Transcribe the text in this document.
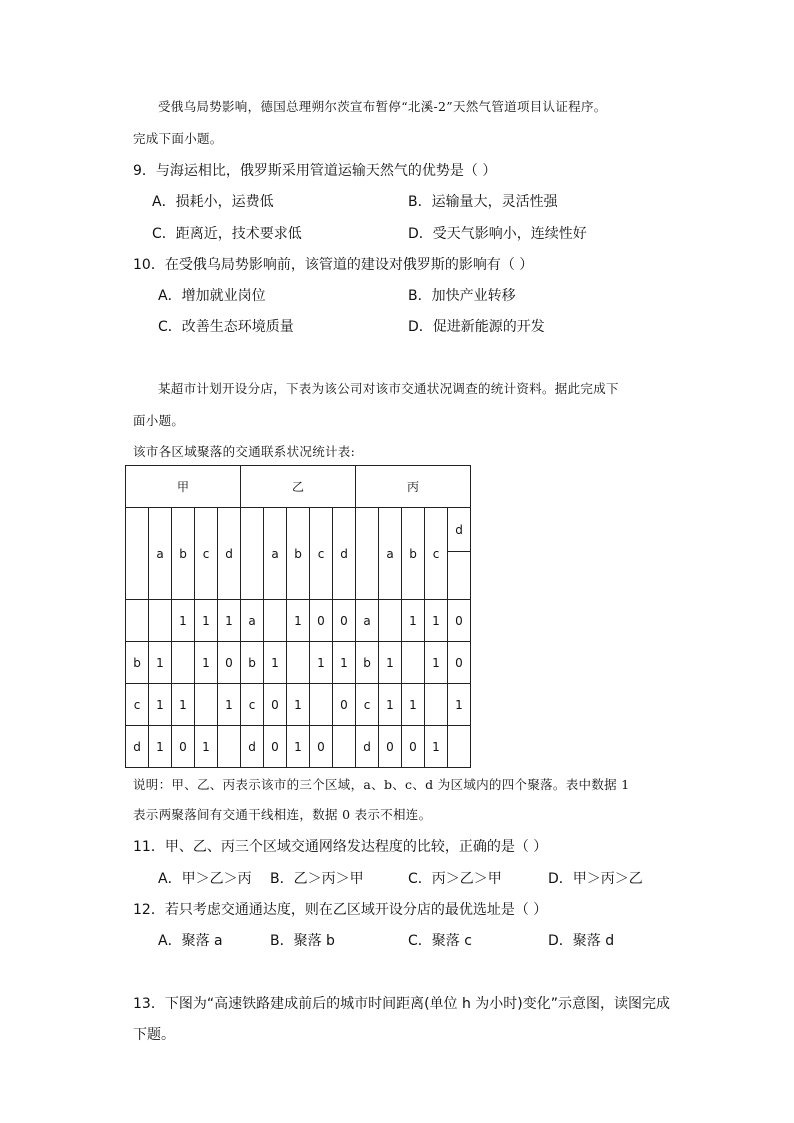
受俄乌局势影响，德国总理朔尔茨宣布暂停“北溪-2”天然气管道项目认证程序。
完成下面小题。
9．与海运相比，俄罗斯采用管道运输天然气的优势是（ ）
A．损耗小，运费低	B．运输量大，灵活性强
C．距离近，技术要求低	D．受天气影响小，连续性好
10．在受俄乌局势影响前，该管道的建设对俄罗斯的影响有（ ）
A．增加就业岗位	B．加快产业转移
C．改善生态环境质量	D．促进新能源的开发
某超市计划开设分店，下表为该公司对该市交通状况调查的统计资料。据此完成下
面小题。
该市各区域聚落的交通联系状况统计表:
甲					乙					丙				
	a	b	c	d		a	b	c	d		a	b	c	d

		1	1	1	a		1	0	0	a		1	1	0
b	1		1	0	b	1		1	1	b	1		1	0
c	1	1		1	c	0	1		0	c	1	1		1
d	1	0	1		d	0	1	0		d	0	0	1	
说明：甲、乙、丙表示该市的三个区域，a、b、c、d 为区域内的四个聚落。表中数据 1
表示两聚落间有交通干线相连，数据 0 表示不相连。
11．甲、乙、丙三个区域交通网络发达程度的比较，正确的是（ ）
A．甲＞乙＞丙 B．乙＞丙＞甲	C．丙＞乙＞甲	D．甲＞丙＞乙
12．若只考虑交通通达度，则在乙区域开设分店的最优选址是（ ）
A．聚落 a	B．聚落 b	C．聚落 c	D．聚落 d
13．下图为“高速铁路建成前后的城市时间距离(单位 h 为小时)变化”示意图，读图完成
下题。
